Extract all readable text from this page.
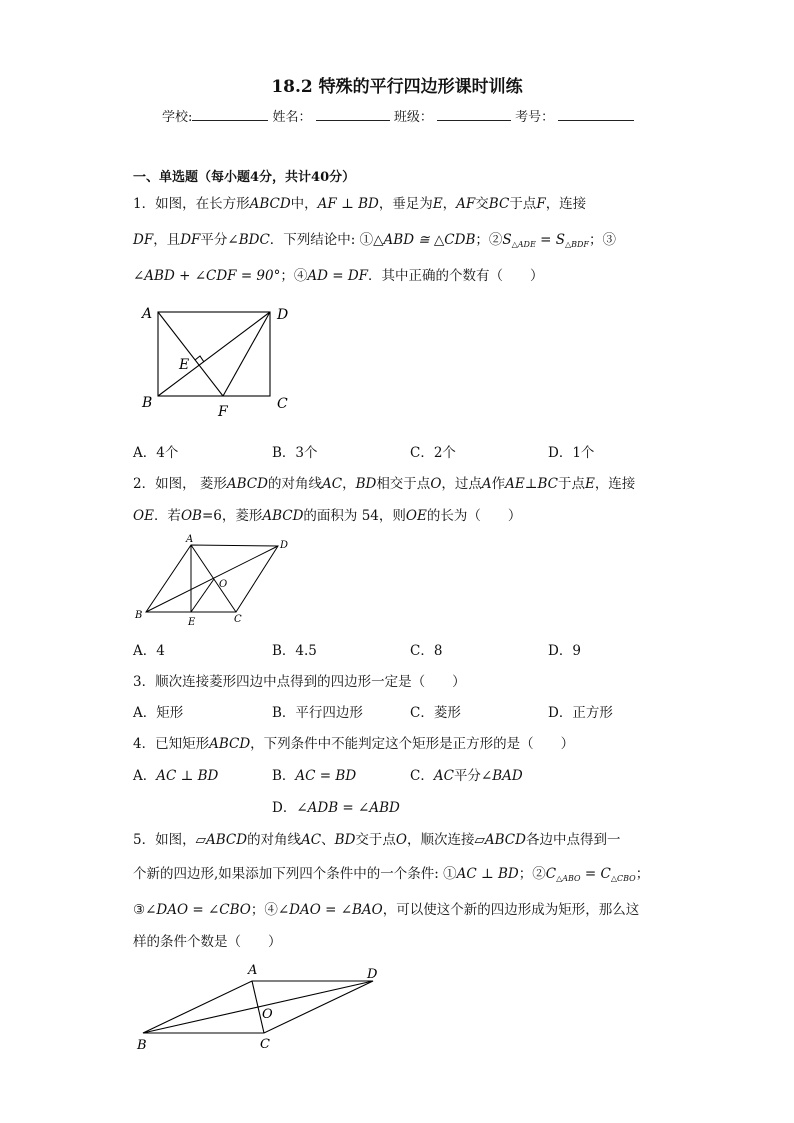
18.2 特殊的平行四边形课时训练
学校:	姓名：	班级：	考号：
一、单选题（每小题4分，共计40分）
1．如图，在长方形ABCD中，AF ⊥ BD，垂足为E，AF交BC于点F，连接
DF，且DF平分∠BDC．下列结论中: ①△ABD ≅ △CDB；$②S_{\triangle ADE} = S_{\triangle BDF}$；③
∠ABD + ∠CDF = 90°；④AD = DF．其中正确的个数有（　　）
A	D
E
B
F	C
A．4个	B．3个	C．2个	D．1个
2．如图， 菱形ABCD的对角线AC，BD相交于点O，过点A作AE⊥BC于点E，连接
OE．若OB=6，菱形ABCD的面积为 54，则OE的长为（　　）
A
D
O
B
E	C
A．4	B．4.5	C．8	D．9
3．顺次连接菱形四边中点得到的四边形一定是（　　）
A．矩形	B．平行四边形	C．菱形	D．正方形
4．已知矩形ABCD，下列条件中不能判定这个矩形是正方形的是（　　）
A．AC ⊥ BD	B．AC = BD	C．AC平分∠BAD
D．∠ADB = ∠ABD
5．如图，▱ABCD的对角线AC、BD交于点O，顺次连接▱ABCD各边中点得到一
个新的四边形,如果添加下列四个条件中的一个条件: ①AC ⊥ BD；$②C_{\triangle ABO} = C_{\triangle CBO}$；
③∠DAO = ∠CBO；④∠DAO = ∠BAO，可以使这个新的四边形成为矩形，那么这
样的条件个数是（　　）
A	D
O
B	C
